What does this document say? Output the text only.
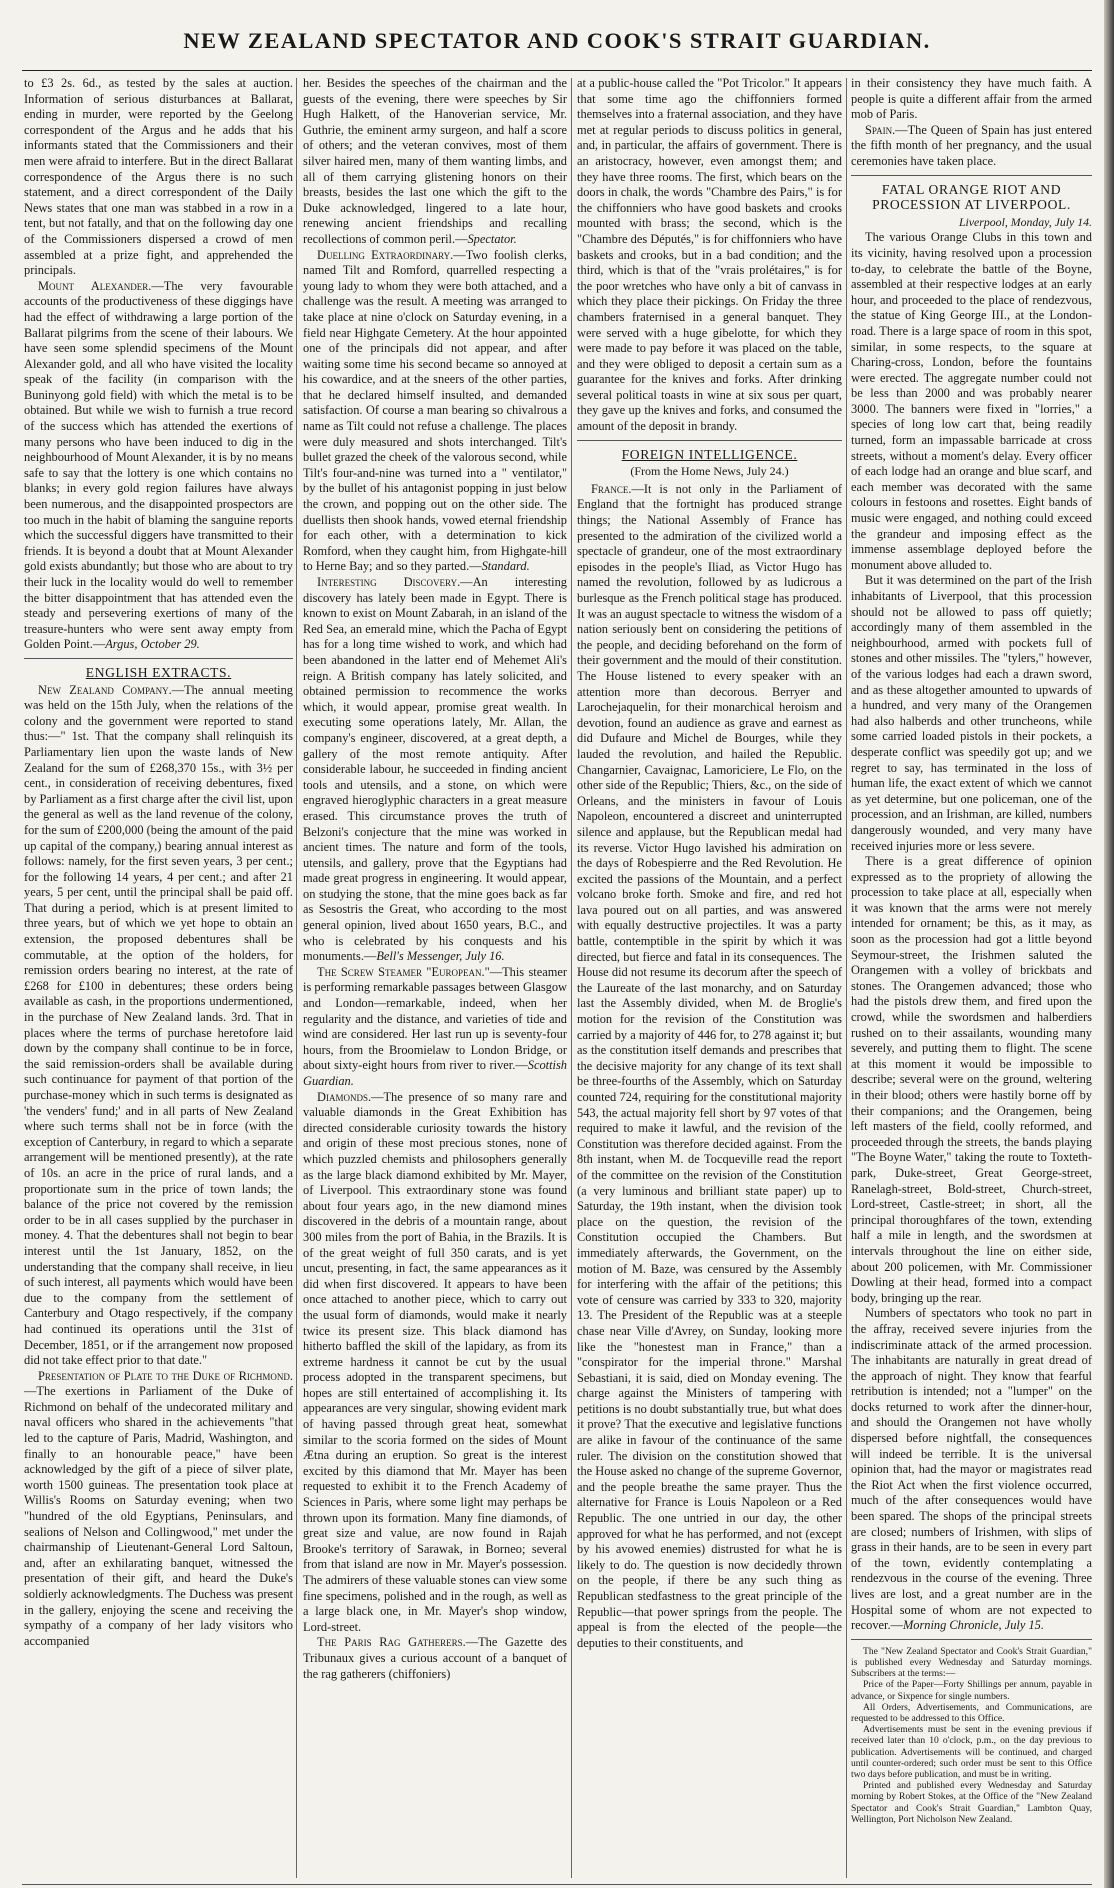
NEW ZEALAND SPECTATOR AND COOK'S STRAIT GUARDIAN.

to £3 2s. 6d., as tested by the sales at auction. Information of serious disturbances at Ballarat, ending in murder, were reported by the Geelong correspondent of the Argus and he adds that his informants stated that the Commissioners and their men were afraid to interfere. But in the direct Ballarat correspondence of the Argus there is no such statement, and a direct correspondent of the Daily News states that one man was stabbed in a row in a tent, but not fatally, and that on the following day one of the Commissioners dispersed a crowd of men assembled at a prize fight, and apprehended the principals.

Mount Alexander.—The very favourable accounts of the productiveness of these diggings have had the effect of withdrawing a large portion of the Ballarat pilgrims from the scene of their labours. We have seen some splendid specimens of the Mount Alexander gold, and all who have visited the locality speak of the facility (in comparison with the Buninyong gold field) with which the metal is to be obtained. But while we wish to furnish a true record of the success which has attended the exertions of many persons who have been induced to dig in the neighbourhood of Mount Alexander, it is by no means safe to say that the lottery is one which contains no blanks; in every gold region failures have always been numerous, and the disappointed prospectors are too much in the habit of blaming the sanguine reports which the successful diggers have transmitted to their friends. It is beyond a doubt that at Mount Alexander gold exists abundantly; but those who are about to try their luck in the locality would do well to remember the bitter disappointment that has attended even the steady and persevering exertions of many of the treasure-hunters who were sent away empty from Golden Point.—Argus, October 29.

ENGLISH EXTRACTS.

New Zealand Company.—The annual meeting was held on the 15th July, when the relations of the colony and the government were reported to stand thus:—" 1st. That the company shall relinquish its Parliamentary lien upon the waste lands of New Zealand for the sum of £268,370 15s., with 3½ per cent., in consideration of receiving debentures, fixed by Parliament as a first charge after the civil list, upon the general as well as the land revenue of the colony, for the sum of £200,000 (being the amount of the paid up capital of the company,) bearing annual interest as follows: namely, for the first seven years, 3 per cent.; for the following 14 years, 4 per cent.; and after 21 years, 5 per cent, until the principal shall be paid off. That during a period, which is at present limited to three years, but of which we yet hope to obtain an extension, the proposed debentures shall be commutable, at the option of the holders, for remission orders bearing no interest, at the rate of £268 for £100 in debentures; these orders being available as cash, in the proportions undermentioned, in the purchase of New Zealand lands. 3rd. That in places where the terms of purchase heretofore laid down by the company shall continue to be in force, the said remission-orders shall be available during such continuance for payment of that portion of the purchase-money which in such terms is designated as 'the venders' fund;' and in all parts of New Zealand where such terms shall not be in force (with the exception of Canterbury, in regard to which a separate arrangement will be mentioned presently), at the rate of 10s. an acre in the price of rural lands, and a proportionate sum in the price of town lands; the balance of the price not covered by the remission order to be in all cases supplied by the purchaser in money. 4. That the debentures shall not begin to bear interest until the 1st January, 1852, on the understanding that the company shall receive, in lieu of such interest, all payments which would have been due to the company from the settlement of Canterbury and Otago respectively, if the company had continued its operations until the 31st of December, 1851, or if the arrangement now proposed did not take effect prior to that date."

Presentation of Plate to the Duke of Richmond.—The exertions in Parliament of the Duke of Richmond on behalf of the undecorated military and naval officers who shared in the achievements "that led to the capture of Paris, Madrid, Washington, and finally to an honourable peace," have been acknowledged by the gift of a piece of silver plate, worth 1500 guineas. The presentation took place at Willis's Rooms on Saturday evening; when two "hundred of the old Egyptians, Peninsulars, and sealions of Nelson and Collingwood," met under the chairmanship of Lieutenant-General Lord Saltoun, and, after an exhilarating banquet, witnessed the presentation of their gift, and heard the Duke's soldierly acknowledgments. The Duchess was present in the gallery, enjoying the scene and receiving the sympathy of a company of her lady visitors who accompanied

her. Besides the speeches of the chairman and the guests of the evening, there were speeches by Sir Hugh Halkett, of the Hanoverian service, Mr. Guthrie, the eminent army surgeon, and half a score of others; and the veteran convives, most of them silver haired men, many of them wanting limbs, and all of them carrying glistening honors on their breasts, besides the last one which the gift to the Duke acknowledged, lingered to a late hour, renewing ancient friendships and recalling recollections of common peril.—Spectator.

Duelling Extraordinary.—Two foolish clerks, named Tilt and Romford, quarrelled respecting a young lady to whom they were both attached, and a challenge was the result. A meeting was arranged to take place at nine o'clock on Saturday evening, in a field near Highgate Cemetery. At the hour appointed one of the principals did not appear, and after waiting some time his second became so annoyed at his cowardice, and at the sneers of the other parties, that he declared himself insulted, and demanded satisfaction. Of course a man bearing so chivalrous a name as Tilt could not refuse a challenge. The places were duly measured and shots interchanged. Tilt's bullet grazed the cheek of the valorous second, while Tilt's four-and-nine was turned into a " ventilator," by the bullet of his antagonist popping in just below the crown, and popping out on the other side. The duellists then shook hands, vowed eternal friendship for each other, with a determination to kick Romford, when they caught him, from Highgate-hill to Herne Bay; and so they parted.—Standard.

Interesting Discovery.—An interesting discovery has lately been made in Egypt. There is known to exist on Mount Zabarah, in an island of the Red Sea, an emerald mine, which the Pacha of Egypt has for a long time wished to work, and which had been abandoned in the latter end of Mehemet Ali's reign. A British company has lately solicited, and obtained permission to recommence the works which, it would appear, promise great wealth. In executing some operations lately, Mr. Allan, the company's engineer, discovered, at a great depth, a gallery of the most remote antiquity. After considerable labour, he succeeded in finding ancient tools and utensils, and a stone, on which were engraved hieroglyphic characters in a great measure erased. This circumstance proves the truth of Belzoni's conjecture that the mine was worked in ancient times. The nature and form of the tools, utensils, and gallery, prove that the Egyptians had made great progress in engineering. It would appear, on studying the stone, that the mine goes back as far as Sesostris the Great, who according to the most general opinion, lived about 1650 years, B.C., and who is celebrated by his conquests and his monuments.—Bell's Messenger, July 16.

The Screw Steamer "European."—This steamer is performing remarkable passages between Glasgow and London—remarkable, indeed, when her regularity and the distance, and varieties of tide and wind are considered. Her last run up is seventy-four hours, from the Broomielaw to London Bridge, or about sixty-eight hours from river to river.—Scottish Guardian.

Diamonds.—The presence of so many rare and valuable diamonds in the Great Exhibition has directed considerable curiosity towards the history and origin of these most precious stones, none of which puzzled chemists and philosophers generally as the large black diamond exhibited by Mr. Mayer, of Liverpool. This extraordinary stone was found about four years ago, in the new diamond mines discovered in the debris of a mountain range, about 300 miles from the port of Bahia, in the Brazils. It is of the great weight of full 350 carats, and is yet uncut, presenting, in fact, the same appearances as it did when first discovered. It appears to have been once attached to another piece, which to carry out the usual form of diamonds, would make it nearly twice its present size. This black diamond has hitherto baffled the skill of the lapidary, as from its extreme hardness it cannot be cut by the usual process adopted in the transparent specimens, but hopes are still entertained of accomplishing it. Its appearances are very singular, showing evident mark of having passed through great heat, somewhat similar to the scoria formed on the sides of Mount Ætna during an eruption. So great is the interest excited by this diamond that Mr. Mayer has been requested to exhibit it to the French Academy of Sciences in Paris, where some light may perhaps be thrown upon its formation. Many fine diamonds, of great size and value, are now found in Rajah Brooke's territory of Sarawak, in Borneo; several from that island are now in Mr. Mayer's possession. The admirers of these valuable stones can view some fine specimens, polished and in the rough, as well as a large black one, in Mr. Mayer's shop window, Lord-street.

The Paris Rag Gatherers.—The Gazette des Tribunaux gives a curious account of a banquet of the rag gatherers (chiffoniers)

at a public-house called the "Pot Tricolor." It appears that some time ago the chiffonniers formed themselves into a fraternal association, and they have met at regular periods to discuss politics in general, and, in particular, the affairs of government. There is an aristocracy, however, even amongst them; and they have three rooms. The first, which bears on the doors in chalk, the words "Chambre des Pairs," is for the chiffonniers who have good baskets and crooks mounted with brass; the second, which is the "Chambre des Députés," is for chiffonniers who have baskets and crooks, but in a bad condition; and the third, which is that of the "vrais prolétaires," is for the poor wretches who have only a bit of canvass in which they place their pickings. On Friday the three chambers fraternised in a general banquet. They were served with a huge gibelotte, for which they were made to pay before it was placed on the table, and they were obliged to deposit a certain sum as a guarantee for the knives and forks. After drinking several political toasts in wine at six sous per quart, they gave up the knives and forks, and consumed the amount of the deposit in brandy.

FOREIGN INTELLIGENCE.
(From the Home News, July 24.)

France.—It is not only in the Parliament of England that the fortnight has produced strange things; the National Assembly of France has presented to the admiration of the civilized world a spectacle of grandeur, one of the most extraordinary episodes in the people's Iliad, as Victor Hugo has named the revolution, followed by as ludicrous a burlesque as the French political stage has produced. It was an august spectacle to witness the wisdom of a nation seriously bent on considering the petitions of the people, and deciding beforehand on the form of their government and the mould of their constitution. The House listened to every speaker with an attention more than decorous. Berryer and Larochejaquelin, for their monarchical heroism and devotion, found an audience as grave and earnest as did Dufaure and Michel de Bourges, while they lauded the revolution, and hailed the Republic. Changarnier, Cavaignac, Lamoriciere, Le Flo, on the other side of the Republic; Thiers, &c., on the side of Orleans, and the ministers in favour of Louis Napoleon, encountered a discreet and uninterrupted silence and applause, but the Republican medal had its reverse. Victor Hugo lavished his admiration on the days of Robespierre and the Red Revolution. He excited the passions of the Mountain, and a perfect volcano broke forth. Smoke and fire, and red hot lava poured out on all parties, and was answered with equally destructive projectiles. It was a party battle, contemptible in the spirit by which it was directed, but fierce and fatal in its consequences. The House did not resume its decorum after the speech of the Laureate of the last monarchy, and on Saturday last the Assembly divided, when M. de Broglie's motion for the revision of the Constitution was carried by a majority of 446 for, to 278 against it; but as the constitution itself demands and prescribes that the decisive majority for any change of its text shall be three-fourths of the Assembly, which on Saturday counted 724, requiring for the constitutional majority 543, the actual majority fell short by 97 votes of that required to make it lawful, and the revision of the Constitution was therefore decided against. From the 8th instant, when M. de Tocqueville read the report of the committee on the revision of the Constitution (a very luminous and brilliant state paper) up to Saturday, the 19th instant, when the division took place on the question, the revision of the Constitution occupied the Chambers. But immediately afterwards, the Government, on the motion of M. Baze, was censured by the Assembly for interfering with the affair of the petitions; this vote of censure was carried by 333 to 320, majority 13. The President of the Republic was at a steeple chase near Ville d'Avrey, on Sunday, looking more like the "honestest man in France," than a "conspirator for the imperial throne." Marshal Sebastiani, it is said, died on Monday evening. The charge against the Ministers of tampering with petitions is no doubt substantially true, but what does it prove? That the executive and legislative functions are alike in favour of the continuance of the same ruler. The division on the constitution showed that the House asked no change of the supreme Governor, and the people breathe the same prayer. Thus the alternative for France is Louis Napoleon or a Red Republic. The one untried in our day, the other approved for what he has performed, and not (except by his avowed enemies) distrusted for what he is likely to do. The question is now decidedly thrown on the people, if there be any such thing as Republican stedfastness to the great principle of the Republic—that power springs from the people. The appeal is from the elected of the people—the deputies to their constituents, and

in their consistency they have much faith. A people is quite a different affair from the armed mob of Paris.

Spain.—The Queen of Spain has just entered the fifth month of her pregnancy, and the usual ceremonies have taken place.

FATAL ORANGE RIOT AND PROCESSION AT LIVERPOOL.

Liverpool, Monday, July 14.

The various Orange Clubs in this town and its vicinity, having resolved upon a procession to-day, to celebrate the battle of the Boyne, assembled at their respective lodges at an early hour, and proceeded to the place of rendezvous, the statue of King George III., at the London-road. There is a large space of room in this spot, similar, in some respects, to the square at Charing-cross, London, before the fountains were erected. The aggregate number could not be less than 2000 and was probably nearer 3000. The banners were fixed in "lorries," a species of long low cart that, being readily turned, form an impassable barricade at cross streets, without a moment's delay. Every officer of each lodge had an orange and blue scarf, and each member was decorated with the same colours in festoons and rosettes. Eight bands of music were engaged, and nothing could exceed the grandeur and imposing effect as the immense assemblage deployed before the monument above alluded to.

But it was determined on the part of the Irish inhabitants of Liverpool, that this procession should not be allowed to pass off quietly; accordingly many of them assembled in the neighbourhood, armed with pockets full of stones and other missiles. The "tylers," however, of the various lodges had each a drawn sword, and as these altogether amounted to upwards of a hundred, and very many of the Orangemen had also halberds and other truncheons, while some carried loaded pistols in their pockets, a desperate conflict was speedily got up; and we regret to say, has terminated in the loss of human life, the exact extent of which we cannot as yet determine, but one policeman, one of the procession, and an Irishman, are killed, numbers dangerously wounded, and very many have received injuries more or less severe.

There is a great difference of opinion expressed as to the propriety of allowing the procession to take place at all, especially when it was known that the arms were not merely intended for ornament; be this, as it may, as soon as the procession had got a little beyond Seymour-street, the Irishmen saluted the Orangemen with a volley of brickbats and stones. The Orangemen advanced; those who had the pistols drew them, and fired upon the crowd, while the swordsmen and halberdiers rushed on to their assailants, wounding many severely, and putting them to flight. The scene at this moment it would be impossible to describe; several were on the ground, weltering in their blood; others were hastily borne off by their companions; and the Orangemen, being left masters of the field, coolly reformed, and proceeded through the streets, the bands playing "The Boyne Water," taking the route to Toxteth-park, Duke-street, Great George-street, Ranelagh-street, Bold-street, Church-street, Lord-street, Castle-street; in short, all the principal thoroughfares of the town, extending half a mile in length, and the swordsmen at intervals throughout the line on either side, about 200 policemen, with Mr. Commissioner Dowling at their head, formed into a compact body, bringing up the rear.

Numbers of spectators who took no part in the affray, received severe injuries from the indiscriminate attack of the armed procession. The inhabitants are naturally in great dread of the approach of night. They know that fearful retribution is intended; not a "lumper" on the docks returned to work after the dinner-hour, and should the Orangemen not have wholly dispersed before nightfall, the consequences will indeed be terrible. It is the universal opinion that, had the mayor or magistrates read the Riot Act when the first violence occurred, much of the after consequences would have been spared. The shops of the principal streets are closed; numbers of Irishmen, with slips of grass in their hands, are to be seen in every part of the town, evidently contemplating a rendezvous in the course of the evening. Three lives are lost, and a great number are in the Hospital some of whom are not expected to recover.—Morning Chronicle, July 15.

The "New Zealand Spectator and Cook's Strait Guardian," is published every Wednesday and Saturday mornings. Subscribers at the terms:—

Price of the Paper—Forty Shillings per annum, payable in advance, or Sixpence for single numbers.

All Orders, Advertisements, and Communications, are requested to be addressed to this Office.

Advertisements must be sent in the evening previous if received later than 10 o'clock, p.m., on the day previous to publication. Advertisements will be continued, and charged until counter-ordered; such order must be sent to this Office two days before publication, and must be in writing.

Printed and published every Wednesday and Saturday morning by Robert Stokes, at the Office of the "New Zealand Spectator and Cook's Strait Guardian," Lambton Quay, Wellington, Port Nicholson New Zealand.
